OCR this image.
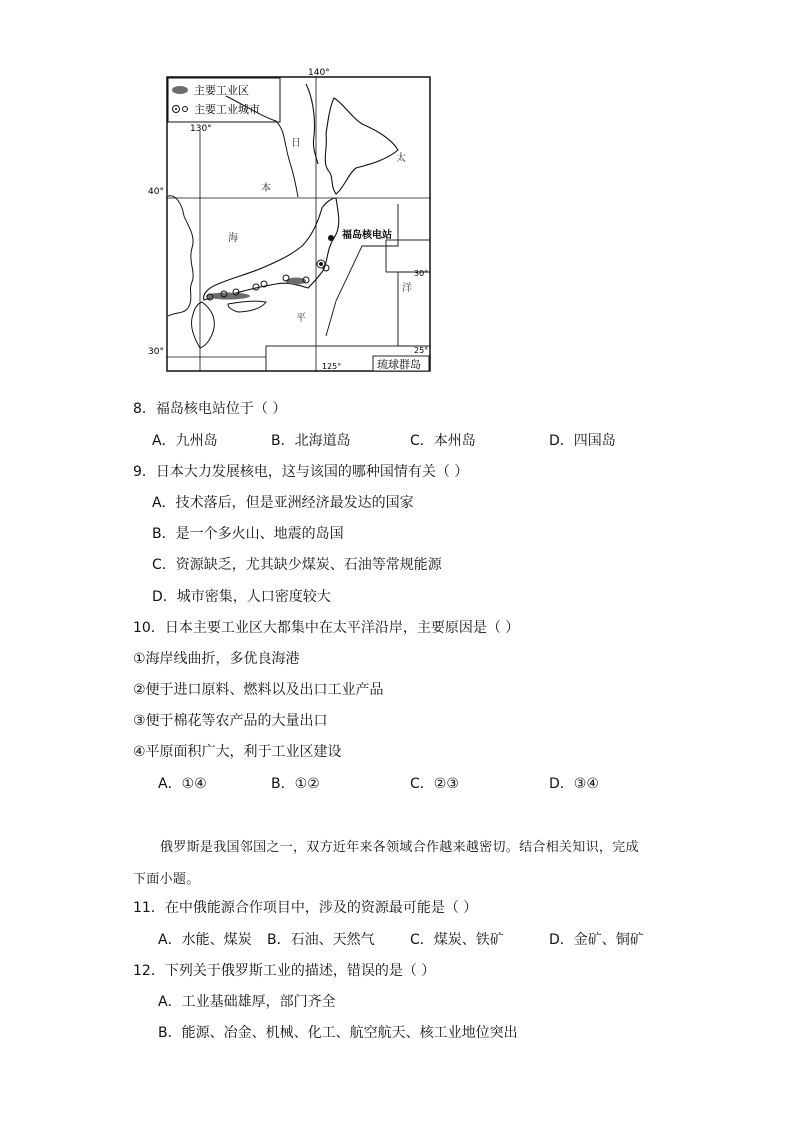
主要工业区
主要工业城市
140°
130°
40°
30°
30°
25°
125°	琉球群岛
福岛核电站
日
本
海
太
平
洋
8．福岛核电站位于（ ）
A．九州岛	B．北海道岛	C．本州岛	D．四国岛
9．日本大力发展核电，这与该国的哪种国情有关（ ）
A．技术落后，但是亚洲经济最发达的国家
B．是一个多火山、地震的岛国
C．资源缺乏，尤其缺少煤炭、石油等常规能源
D．城市密集，人口密度较大
10．日本主要工业区大都集中在太平洋沿岸，主要原因是（ ）
①海岸线曲折，多优良海港
②便于进口原料、燃料以及出口工业产品
③便于棉花等农产品的大量出口
④平原面积广大，利于工业区建设
A．①④	B．①②	C．②③	D．③④
俄罗斯是我国邻国之一，双方近年来各领域合作越来越密切。结合相关知识，完成
下面小题。
11．在中俄能源合作项目中，涉及的资源最可能是（ ）
A．水能、煤炭 B．石油、天然气	C．煤炭、铁矿	D．金矿、铜矿
12．下列关于俄罗斯工业的描述，错误的是（ ）
A．工业基础雄厚，部门齐全
B．能源、冶金、机械、化工、航空航天、核工业地位突出
